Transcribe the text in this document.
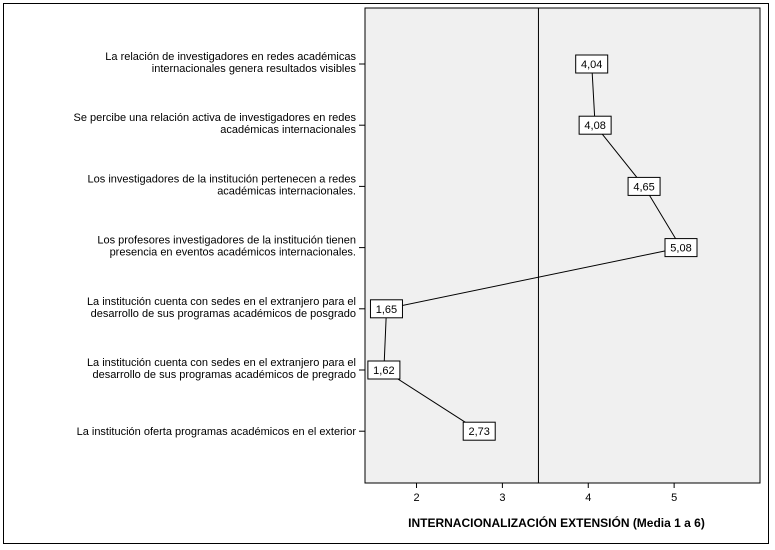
2	3	4	5
INTERNACIONALIZACIÓN EXTENSIÓN (Media 1 a 6)
La relación de investigadores en redes académicas
internacionales genera resultados visibles
Se percibe una relación activa de investigadores en redes
académicas internacionales
Los investigadores de la institución pertenecen a redes
académicas internacionales.
Los profesores investigadores de la institución tienen
presencia en eventos académicos internacionales.
La institución cuenta con sedes en el extranjero para el
desarrollo de sus programas académicos de posgrado
La institución cuenta con sedes en el extranjero para el
desarrollo de sus programas académicos de pregrado
La institución oferta programas académicos en el exterior
4,04
4,08
4,65
5,08
1,65
1,62
2,73
